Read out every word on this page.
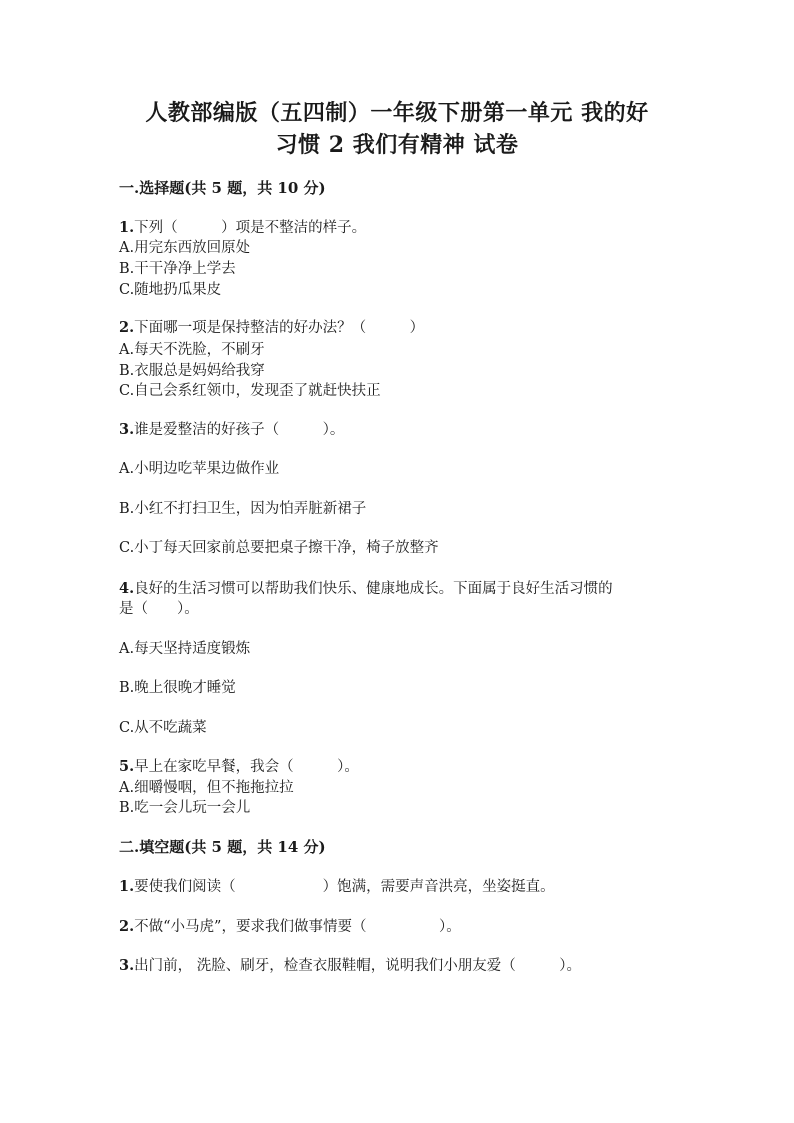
人教部编版（五四制）一年级下册第一单元 我的好
习惯 2 我们有精神 试卷
一.选择题(共 5 题，共 10 分)
1.下列（　　　）项是不整洁的样子。
A.用完东西放回原处
B.干干净净上学去
C.随地扔瓜果皮
2.下面哪一项是保持整洁的好办法？（　　　）
A.每天不洗脸，不刷牙
B.衣服总是妈妈给我穿
C.自己会系红领巾，发现歪了就赶快扶正
3.谁是爱整洁的好孩子（　　　）。
A.小明边吃苹果边做作业
B.小红不打扫卫生，因为怕弄脏新裙子
C.小丁每天回家前总要把桌子擦干净，椅子放整齐
4.良好的生活习惯可以帮助我们快乐、健康地成长。下面属于良好生活习惯的
是（　　）。
A.每天坚持适度锻炼
B.晚上很晚才睡觉
C.从不吃蔬菜
5.早上在家吃早餐，我会（　　　）。
A.细嚼慢咽，但不拖拖拉拉
B.吃一会儿玩一会儿
二.填空题(共 5 题，共 14 分)
1.要使我们阅读（　　　　　　）饱满，需要声音洪亮，坐姿挺直。
2.不做“小马虎”，要求我们做事情要（　　　　　）。
3.出门前， 洗脸、刷牙，检查衣服鞋帽，说明我们小朋友爱（　　　）。
